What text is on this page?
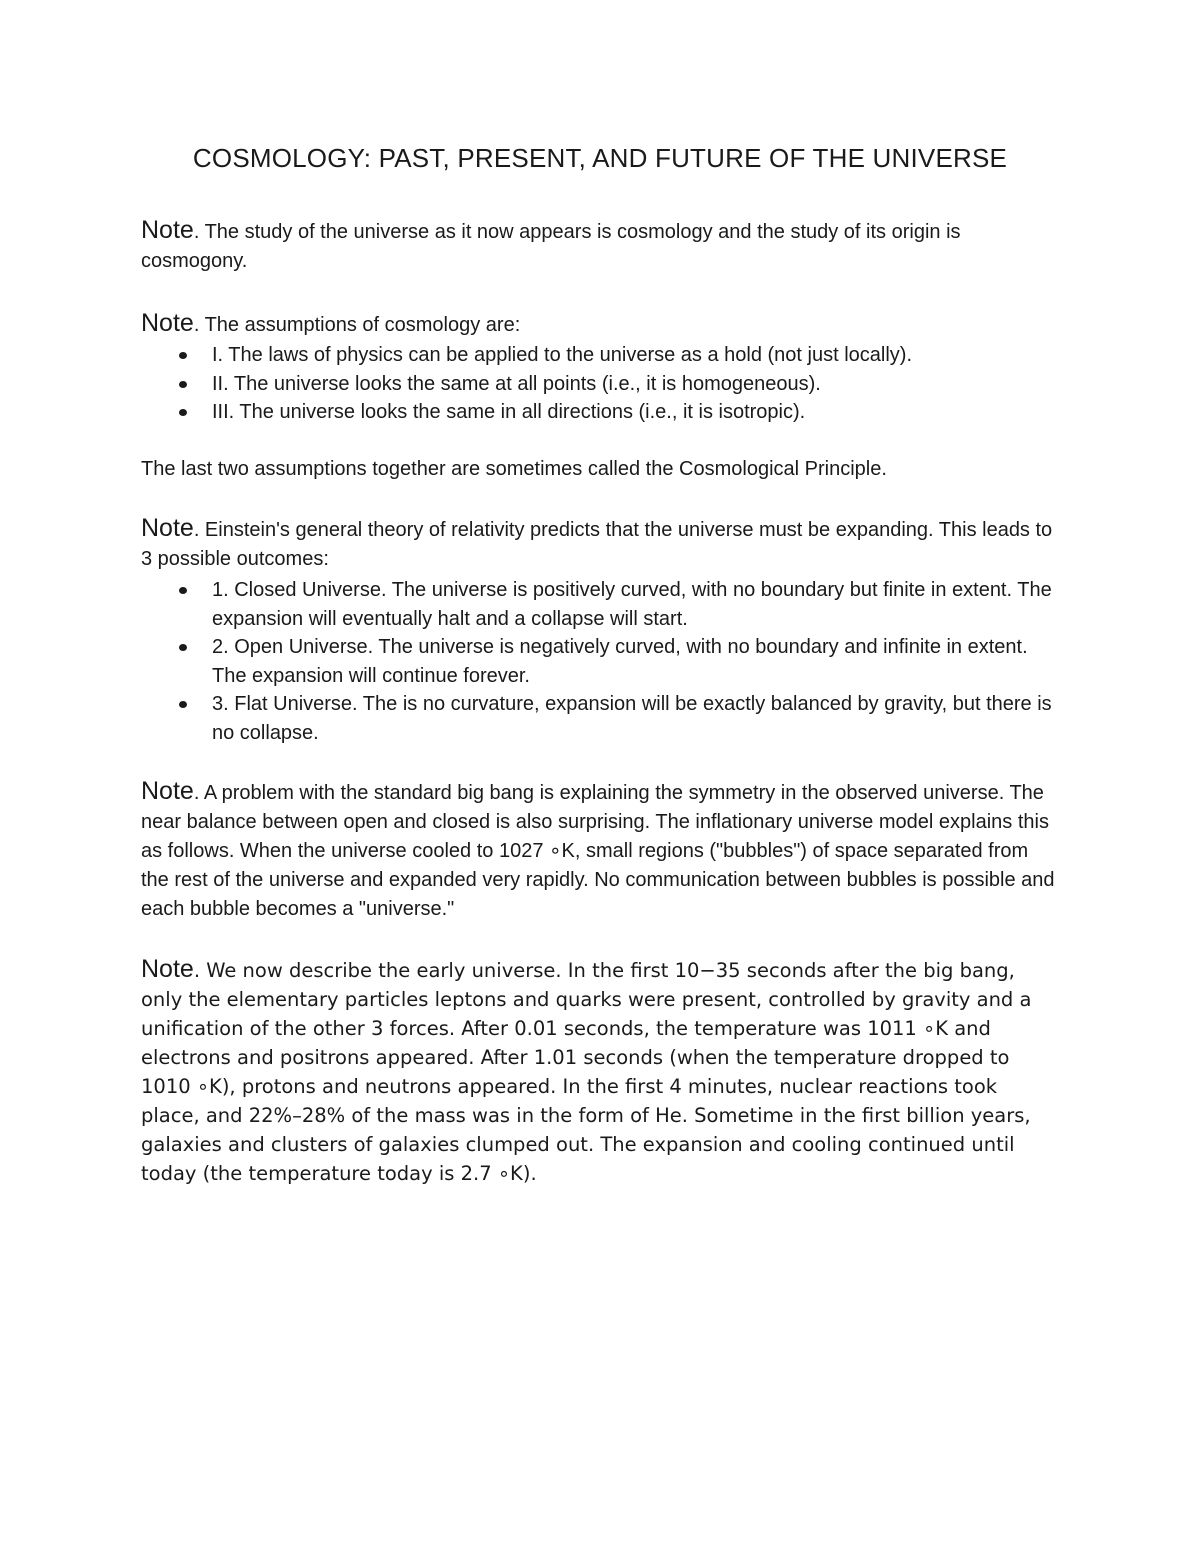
COSMOLOGY: PAST, PRESENT, AND FUTURE OF THE UNIVERSE
Note. The study of the universe as it now appears is cosmology and the study of its origin is cosmogony.
Note. The assumptions of cosmology are:
I. The laws of physics can be applied to the universe as a hold (not just locally).
II. The universe looks the same at all points (i.e., it is homogeneous).
III. The universe looks the same in all directions (i.e., it is isotropic).
The last two assumptions together are sometimes called the Cosmological Principle.
Note. Einstein's general theory of relativity predicts that the universe must be expanding. This leads to 3 possible outcomes:
1. Closed Universe. The universe is positively curved, with no boundary but finite in extent. The expansion will eventually halt and a collapse will start.
2. Open Universe. The universe is negatively curved, with no boundary and infinite in extent. The expansion will continue forever.
3. Flat Universe. The is no curvature, expansion will be exactly balanced by gravity, but there is no collapse.
Note. A problem with the standard big bang is explaining the symmetry in the observed universe. The near balance between open and closed is also surprising. The inflationary universe model explains this as follows. When the universe cooled to 1027 ∘K, small regions ("bubbles") of space separated from the rest of the universe and expanded very rapidly. No communication between bubbles is possible and each bubble becomes a "universe."
Note. We now describe the early universe. In the first 10−35 seconds after the big bang, only the elementary particles leptons and quarks were present, controlled by gravity and a unification of the other 3 forces. After 0.01 seconds, the temperature was 1011 ∘K and electrons and positrons appeared. After 1.01 seconds (when the temperature dropped to 1010 ∘K), protons and neutrons appeared. In the first 4 minutes, nuclear reactions took place, and 22%–28% of the mass was in the form of He. Sometime in the first billion years, galaxies and clusters of galaxies clumped out. The expansion and cooling continued until today (the temperature today is 2.7 ∘K).
